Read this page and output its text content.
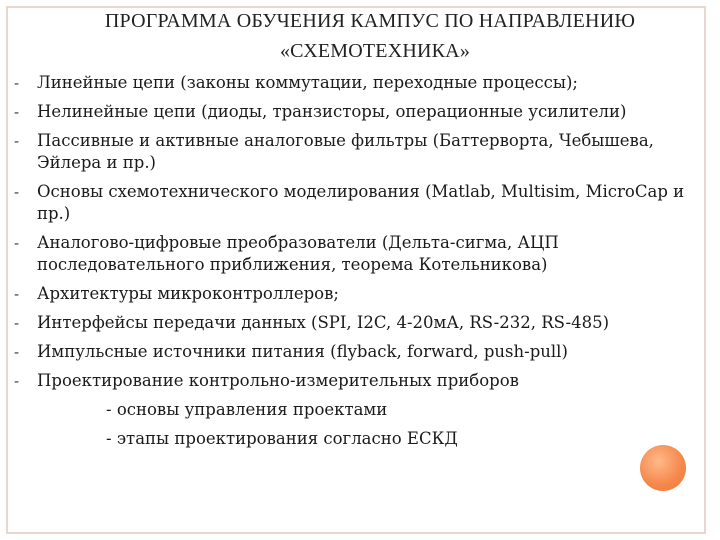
ПРОГРАММА ОБУЧЕНИЯ КАМПУС ПО НАПРАВЛЕНИЮ
«СХЕМОТЕХНИКА»
- Линейные цепи (законы коммутации, переходные процессы);
- Нелинейные цепи (диоды, транзисторы, операционные усилители)
- Пассивные и активные аналоговые фильтры (Баттерворта, Чебышева, Эйлера и пр.)
- Основы схемотехнического моделирования (Matlab, Multisim, MicroCap и пр.)
- Аналогово-цифровые преобразователи (Дельта-сигма, АЦП последовательного приближения, теорема Котельникова)
- Архитектуры микроконтроллеров;
- Интерфейсы передачи данных (SPI, I2C, 4-20мА, RS-232, RS-485)
- Импульсные источники питания (flyback, forward, push-pull)
- Проектирование контрольно-измерительных приборов
- основы управления проектами
- этапы проектирования согласно ЕСКД
